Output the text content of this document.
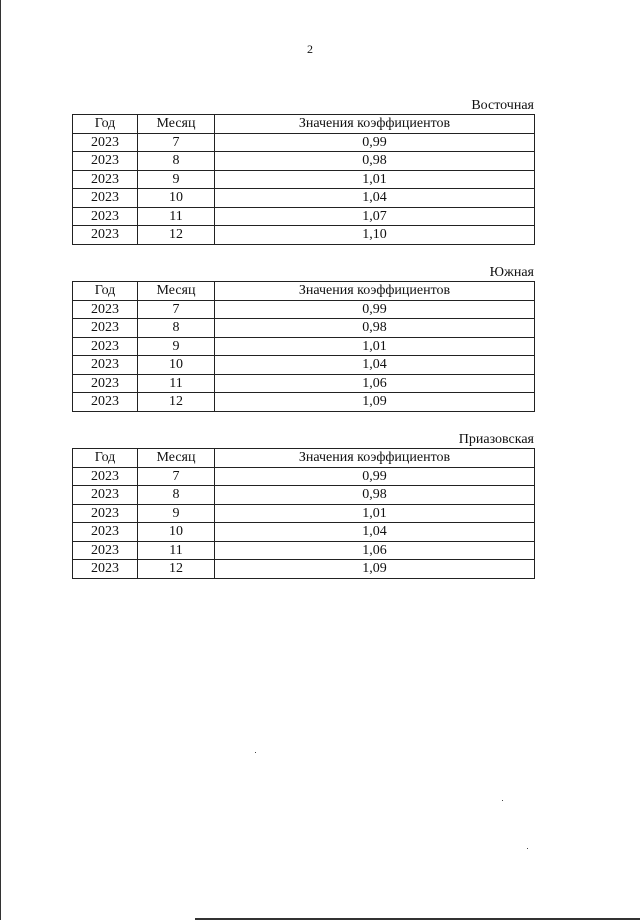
2
Восточная
Год	Месяц	Значения коэффициентов
2023	7	0,99
2023	8	0,98
2023	9	1,01
2023	10	1,04
2023	11	1,07
2023	12	1,10
Южная
Год	Месяц	Значения коэффициентов
2023	7	0,99
2023	8	0,98
2023	9	1,01
2023	10	1,04
2023	11	1,06
2023	12	1,09
Приазовская
Год	Месяц	Значения коэффициентов
2023	7	0,99
2023	8	0,98
2023	9	1,01
2023	10	1,04
2023	11	1,06
2023	12	1,09
